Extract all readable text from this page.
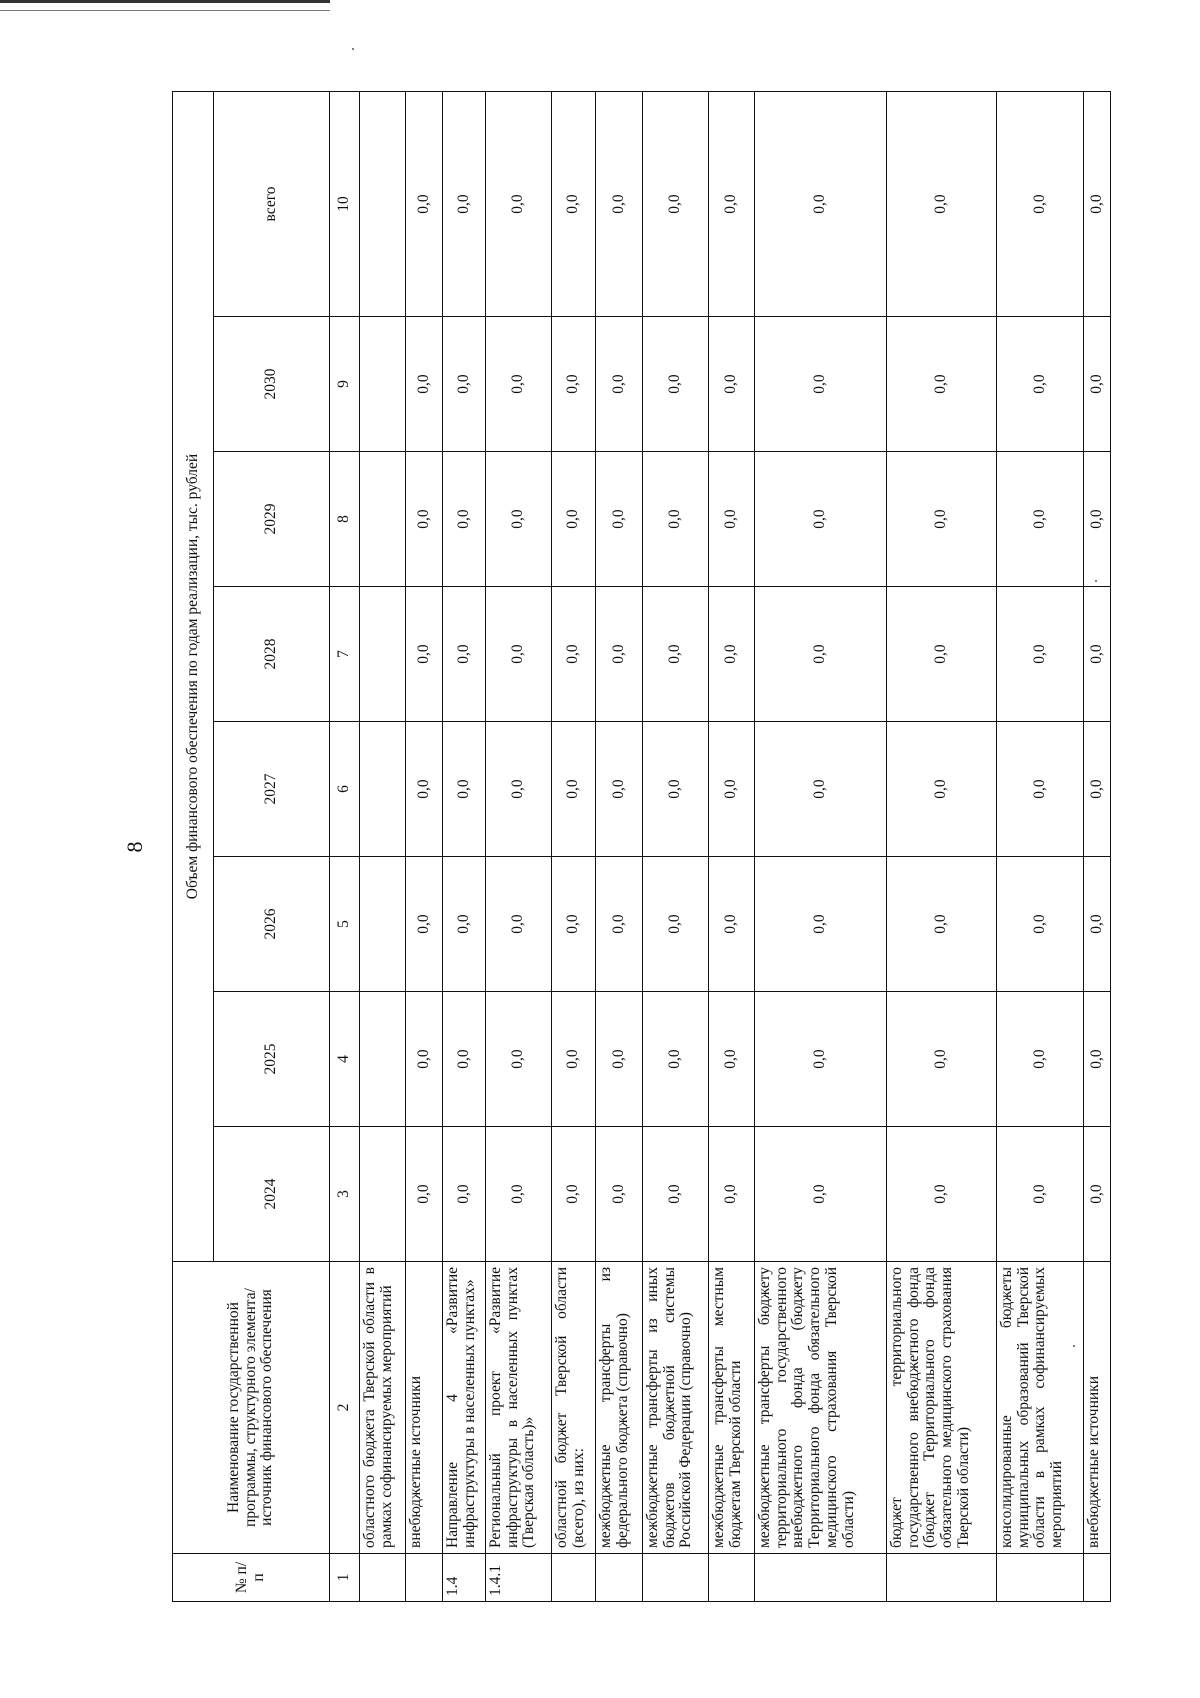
8
№ п/п	Наименование государственной программы, структурного элемента/источник финансового обеспечения	Объем финансового обеспечения по годам реализации, тыс. рублей							
		2024	2025	2026	2027	2028	2029	2030	всего
1	2	3	4	5	6	7	8	9	10
	областного бюджета Тверской области в рамках софинансируемых мероприятий								
	внебюджетные источники	0,0	0,0	0,0	0,0	0,0	0,0	0,0	0,0
1.4	Направление 4 «Развитие инфраструктуры в населенных пунктах»	0,0	0,0	0,0	0,0	0,0	0,0	0,0	0,0
1.4.1	Региональный проект «Развитие инфраструктуры в населенных пунктах (Тверская область)»	0,0	0,0	0,0	0,0	0,0	0,0	0,0	0,0
	областной бюджет Тверской области (всего), из них:	0,0	0,0	0,0	0,0	0,0	0,0	0,0	0,0
	межбюджетные трансферты из федерального бюджета (справочно)	0,0	0,0	0,0	0,0	0,0	0,0	0,0	0,0
	межбюджетные трансферты из иных бюджетов бюджетной системы Российской Федерации (справочно)	0,0	0,0	0,0	0,0	0,0	0,0	0,0	0,0
	межбюджетные трансферты местным бюджетам Тверской области	0,0	0,0	0,0	0,0	0,0	0,0	0,0	0,0
	межбюджетные трансферты бюджету территориального государственного внебюджетного фонда (бюджету Территориального фонда обязательного медицинского страхования Тверской области)	0,0	0,0	0,0	0,0	0,0	0,0	0,0	0,0
	бюджет территориального государственного внебюджетного фонда (бюджет Территориального фонда обязательного медицинского страхования Тверской области)	0,0	0,0	0,0	0,0	0,0	0,0	0,0	0,0
	консолидированные бюджеты муниципальных образований Тверской области в рамках софинансируемых мероприятий	0,0	0,0	0,0	0,0	0,0	0,0	0,0	0,0
	внебюджетные источники	0,0	0,0	0,0	0,0	0,0	0,0	0,0	0,0
